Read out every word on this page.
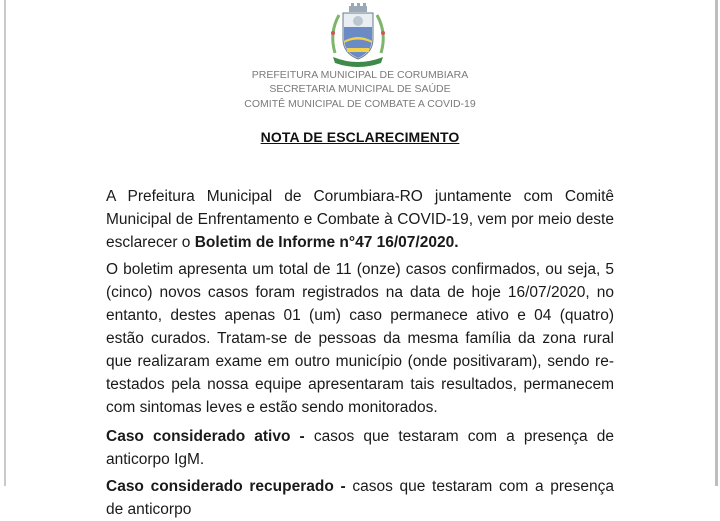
PREFEITURA MUNICIPAL DE CORUMBIARA
SECRETARIA MUNICIPAL DE SAÚDE
COMITÊ MUNICIPAL DE COMBATE A COVID-19
NOTA DE ESCLARECIMENTO

A Prefeitura Municipal de Corumbiara-RO juntamente com Comitê Municipal de Enfrentamento e Combate à COVID-19, vem por meio deste esclarecer o Boletim de Informe n°47 16/07/2020.

O boletim apresenta um total de 11 (onze) casos confirmados, ou seja, 5 (cinco) novos casos foram registrados na data de hoje 16/07/2020, no entanto, destes apenas 01 (um) caso permanece ativo e 04 (quatro) estão curados. Tratam-se de pessoas da mesma família da zona rural que realizaram exame em outro município (onde positivaram), sendo re-testados pela nossa equipe apresentaram tais resultados, permanecem com sintomas leves e estão sendo monitorados.

Caso considerado ativo - casos que testaram com a presença de anticorpo IgM.

Caso considerado recuperado - casos que testaram com a presença de anticorpo
